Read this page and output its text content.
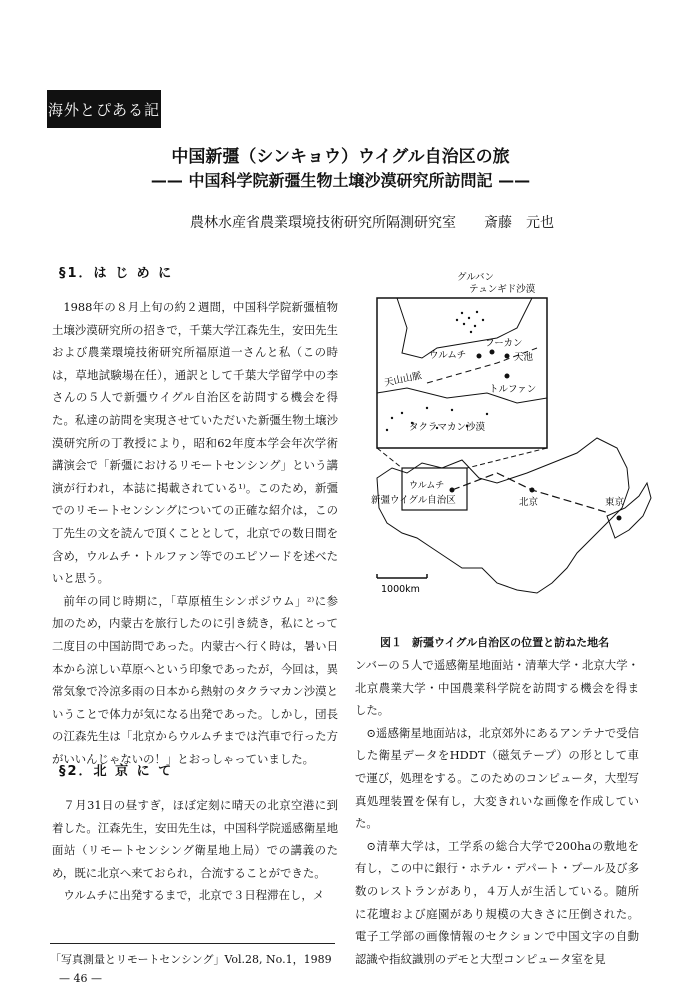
海外とぴある記
中国新彊（シンキョウ）ウイグル自治区の旅
—— 中国科学院新彊生物土壌沙漠研究所訪問記 ——
農林水産省農業環境技術研究所隔測研究室 斎藤　元也
§1．は じ め に

1988年の８月上旬の約２週間，中国科学院新彊植物土壌沙漠研究所の招きで，千葉大学江森先生，安田先生および農業環境技術研究所福原道一さんと私（この時は，草地試験場在任），通訳として千葉大学留学中の李さんの５人で新彊ウイグル自治区を訪問する機会を得た。私達の訪問を実現させていただいた新彊生物土壌沙漠研究所の丁教授により，昭和62年度本学会年次学術講演会で「新彊におけるリモートセンシング」という講演が行われ，本誌に掲載されている¹⁾。このため，新彊でのリモートセンシングについての正確な紹介は，この丁先生の文を読んで頂くこととして，北京での数日間を含め，ウルムチ・トルファン等でのエピソードを述べたいと思う。

前年の同じ時期に，「草原植生シンポジウム」²⁾に参加のため，内蒙古を旅行したのに引き続き，私にとって二度目の中国訪問であった。内蒙古へ行く時は，暑い日本から涼しい草原へという印象であったが，今回は，異常気象で冷涼多雨の日本から熱射のタクラマカン沙漠ということで体力が気になる出発であった。しかし，団長の江森先生は「北京からウルムチまでは汽車で行った方がいいんじゃないの！」とおっしゃっていました。

§2．北 京 に て

７月31日の昼すぎ，ほぼ定刻に晴天の北京空港に到着した。江森先生，安田先生は，中国科学院遥感衛星地面站（リモートセンシング衛星地上局）での講義のため，既に北京へ来ておられ，合流することができた。

ウルムチに出発するまで，北京で３日程滞在し，メ

グルバン
テュンギド沙漠
フーカン
ウルムチ	天池
天山山脈
トルファン
タクラマカン沙漠
ウルムチ
新彊ウイグル自治区	北京	東京
1000km
図１ 新彊ウイグル自治区の位置と訪ねた地名

ンバーの５人で遥感衛星地面站・清華大学・北京大学・北京農業大学・中国農業科学院を訪問する機会を得ました。

⊙遥感衛星地面站は，北京郊外にあるアンテナで受信した衛星データをHDDT（磁気テープ）の形として車で運び，処理をする。このためのコンピュータ，大型写真処理装置を保有し，大変きれいな画像を作成していた。

⊙清華大学は，工学系の総合大学で200haの敷地を有し，この中に銀行・ホテル・デパート・プール及び多数のレストランがあり，４万人が生活している。随所に花壇および庭園があり規模の大きさに圧倒された。電子工学部の画像情報のセクションで中国文字の自動認識や指紋識別のデモと大型コンピュータ室を見

「写真測量とリモートセンシング」Vol.28, No.1，1989
— 46 —
